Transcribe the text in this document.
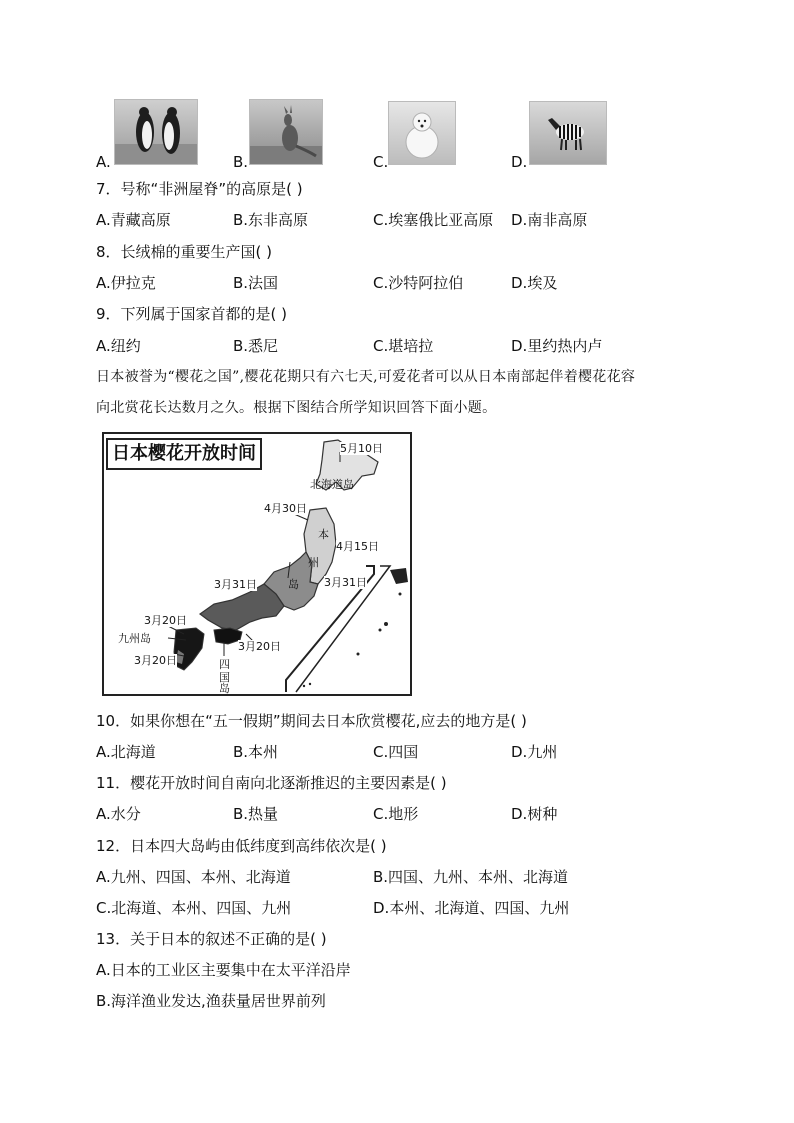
A.	B.	C.	D.
7．号称“非洲屋脊”的高原是( )
A.青藏高原	B.东非高原	C.埃塞俄比亚高原 D.南非高原
8．长绒棉的重要生产国( )
A.伊拉克	B.法国	C.沙特阿拉伯	D.埃及
9．下列属于国家首都的是( )
A.纽约	B.悉尼	C.堪培拉	D.里约热内卢
日本被誉为“樱花之国”,樱花花期只有六七天,可爱花者可以从日本南部起伴着樱花花容
向北赏花长达数月之久。根据下图结合所学知识回答下面小题。
日本樱花开放时间	5月10日
北海道岛
4月30日
本
4月15日
州
岛
3月31日	3月31日
3月20日
九州岛
3月20日
3月20日	四
国
岛
10．如果你想在“五一假期”期间去日本欣赏樱花,应去的地方是( )
A.北海道	B.本州	C.四国	D.九州
11．樱花开放时间自南向北逐渐推迟的主要因素是( )
A.水分	B.热量	C.地形	D.树种
12．日本四大岛屿由低纬度到高纬依次是( )
A.九州、四国、本州、北海道	B.四国、九州、本州、北海道
C.北海道、本州、四国、九州	D.本州、北海道、四国、九州
13．关于日本的叙述不正确的是( )
A.日本的工业区主要集中在太平洋沿岸
B.海洋渔业发达,渔获量居世界前列
